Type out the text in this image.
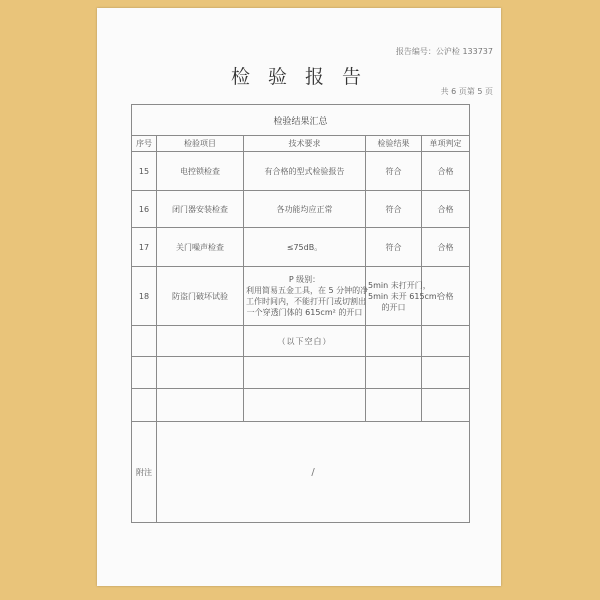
报告编号：公沪检 133737
检 验 报 告
共 6 页第 5 页
检验结果汇总				
序号	检验项目	技术要求	检验结果	单项判定
15	电控锁检查	有合格的型式检验报告	符合	合格
16	闭门器安装检查	各功能均应正常	符合	合格
17	关门噪声检查	≤75dB。	符合	合格
18	防盗门破坏试验	P 级别：
利用简易五金工具，在 5 分钟的净
工作时间内，不能打开门或切割出
一个穿透门体的 615cm² 的开口	5min 未打开门，
5min 未开 615cm²
的开口	合格
		（以下空白）		

附注	/			
